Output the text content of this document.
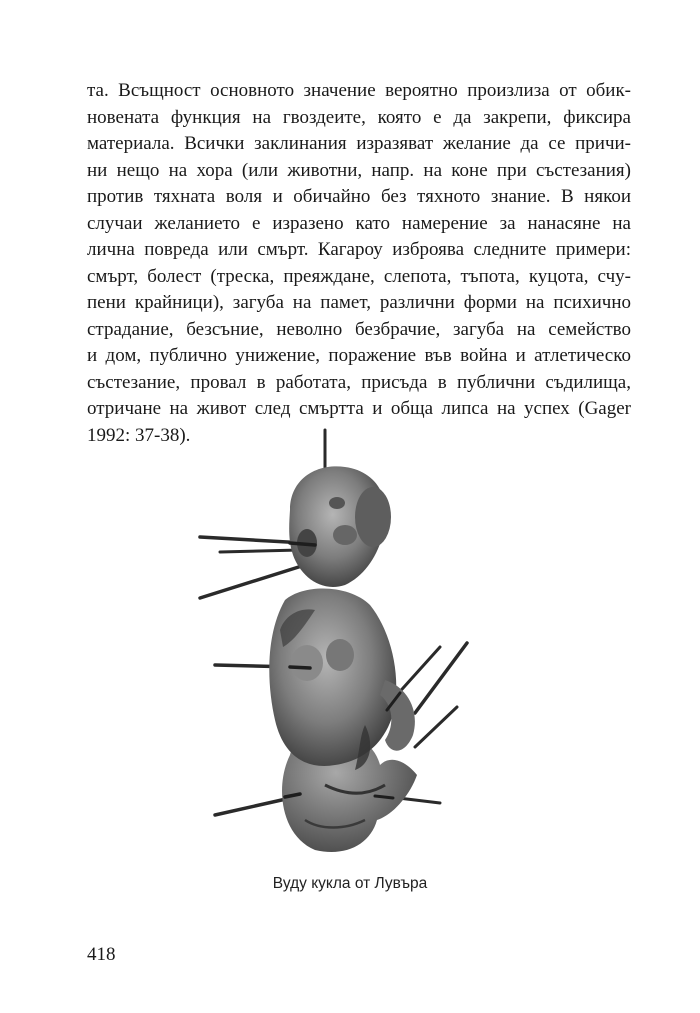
та. Всъщност основното значение вероятно произлиза от обик-
новената функция на гвоздеите, която е да закрепи, фиксира
материала. Всички заклинания изразяват желание да се причи-
ни нещо на хора (или животни, напр. на коне при състезания)
против тяхната воля и обичайно без тяхното знание. В някои
случаи желанието е изразено като намерение за нанасяне на
лична повреда или смърт. Кагароу изброява следните примери:
смърт, болест (треска, преяждане, слепота, тъпота, куцота, счу-
пени крайници), загуба на памет, различни форми на психично
страдание, безсъние, неволно безбрачие, загуба на семейство
и дом, публично унижение, поражение във война и атлетическо
състезание, провал в работата, присъда в публични съдилища,
отричане на живот след смъртта и обща липса на успех (Gager
1992: 37-38).
Вуду кукла от Лувъра
418
